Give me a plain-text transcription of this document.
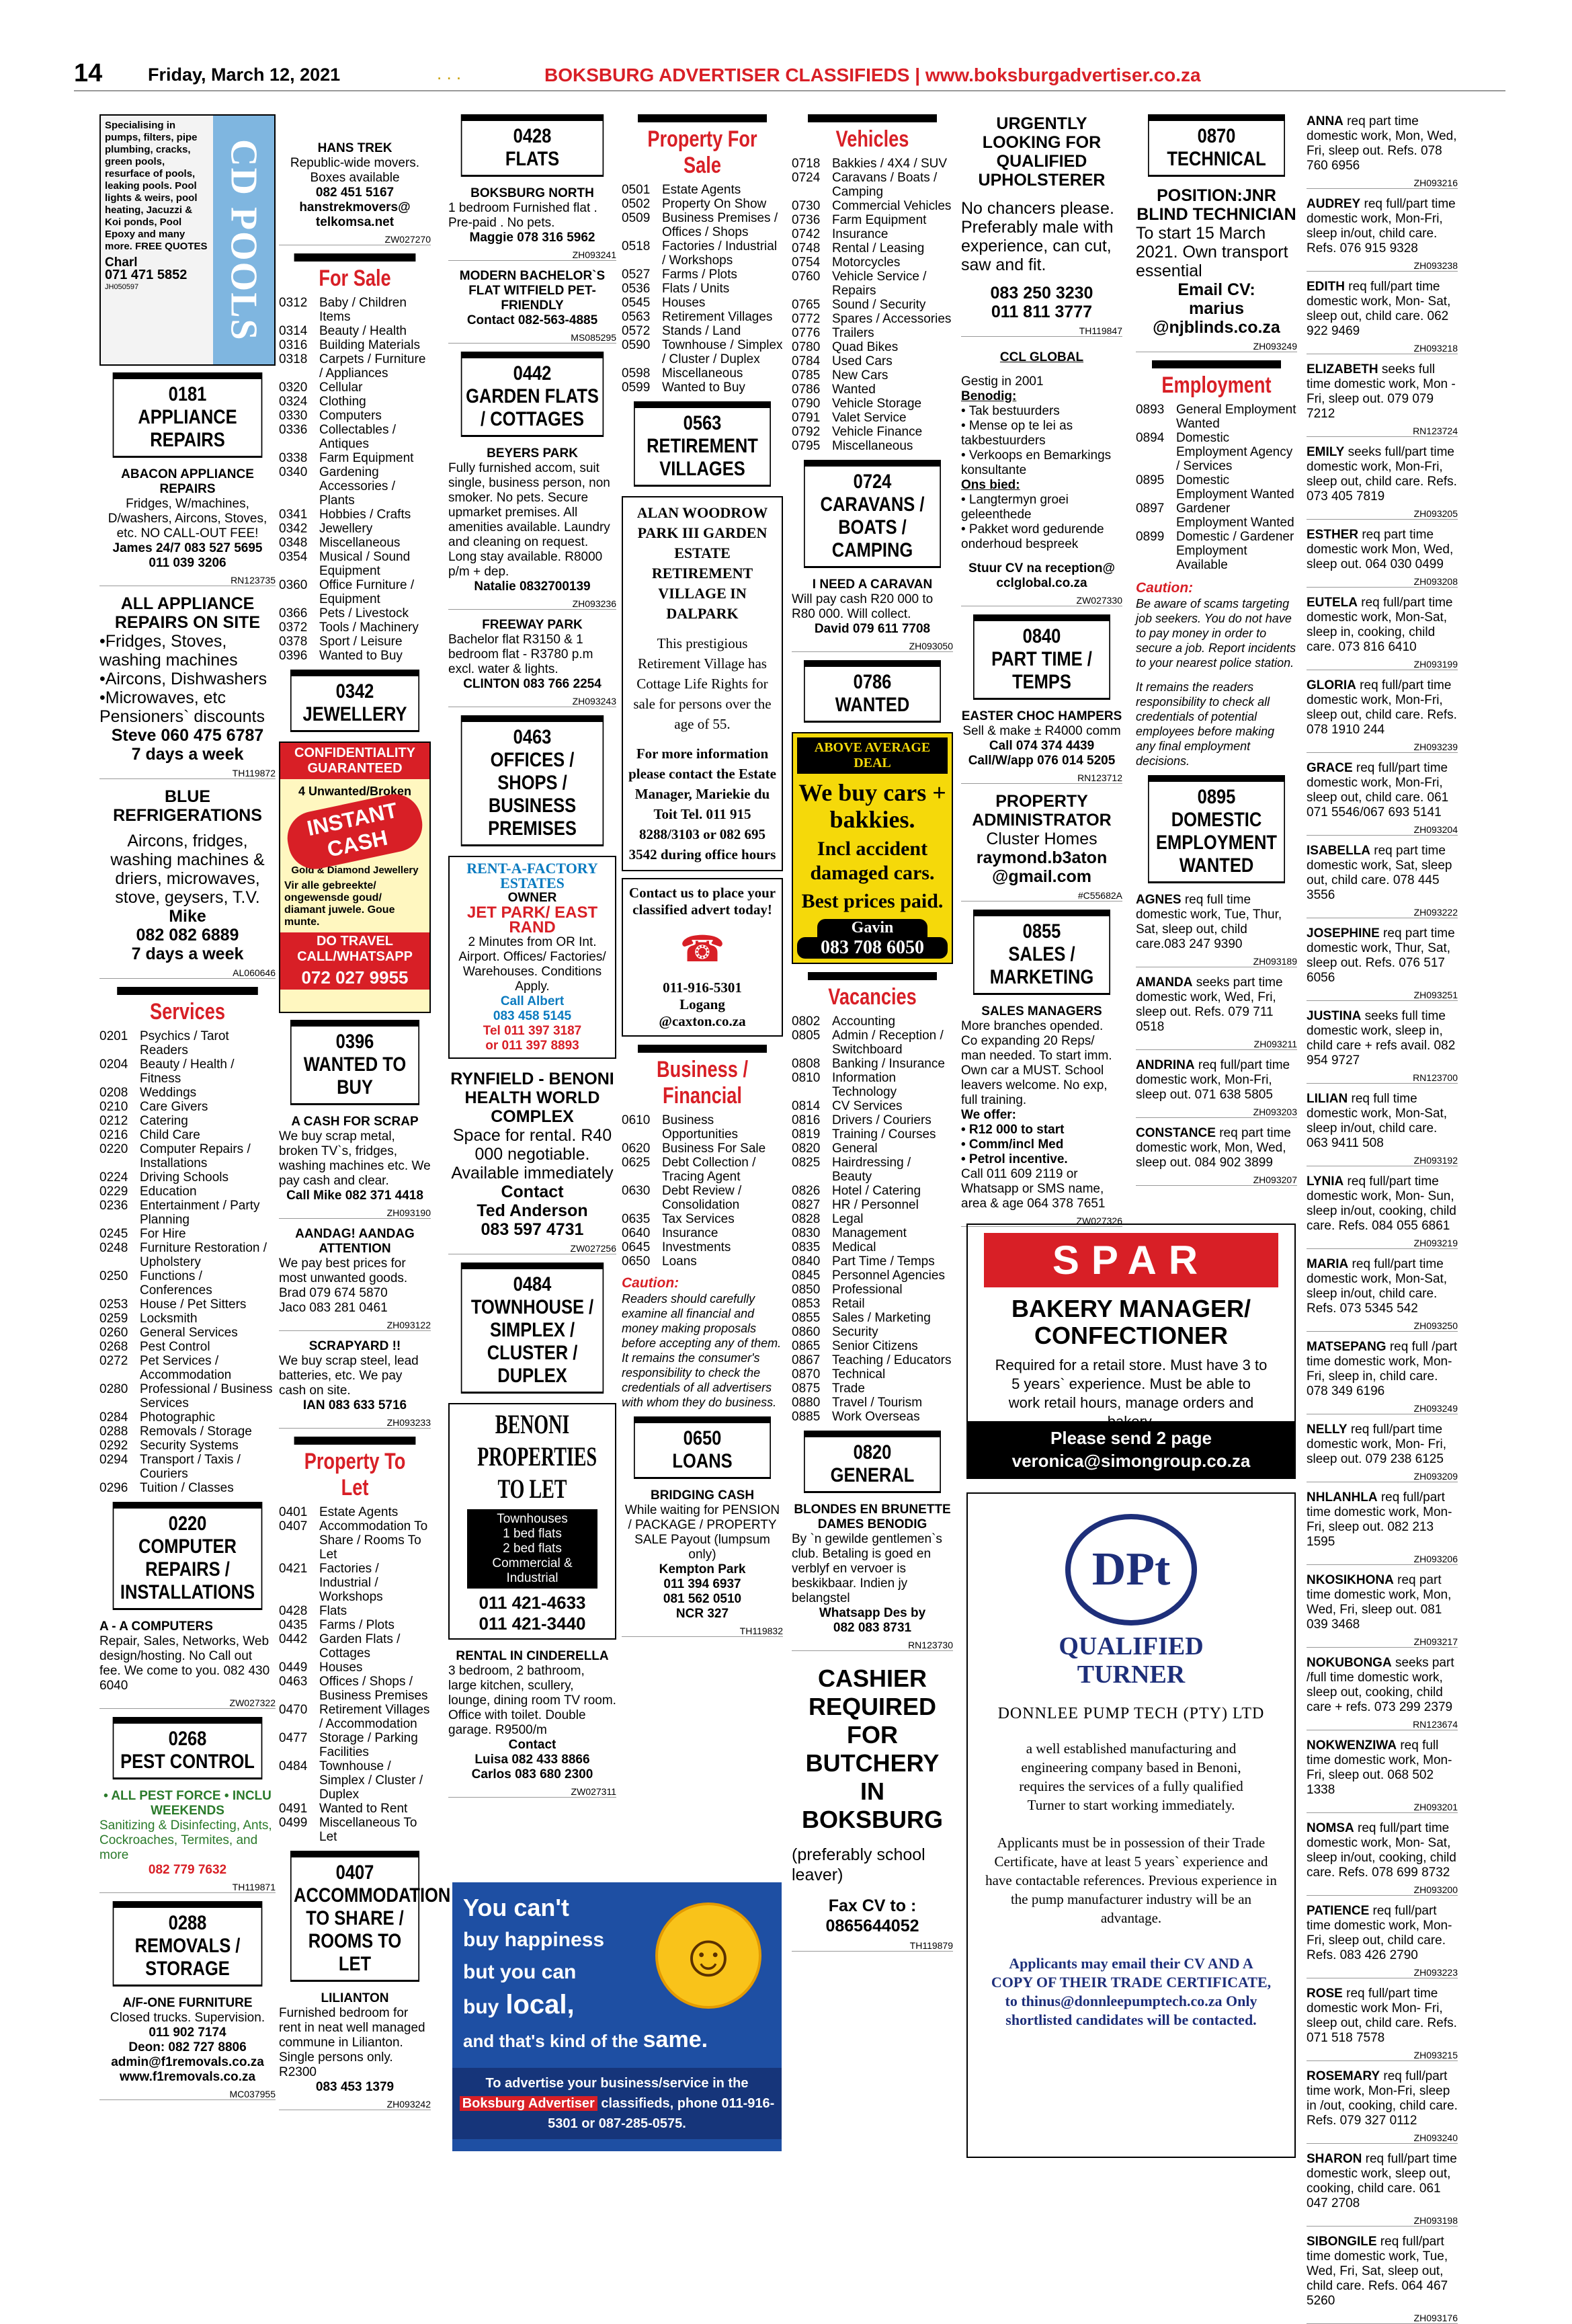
14	Friday, March 12, 2021	. . .	BOKSBURG ADVERTISER CLASSIFIEDS | www.boksburgadvertiser.co.za
Specialising in pumps, filters, pipe plumbing, cracks, green pools, resurface of pools, leaking pools. Pool lights & weirs, pool heating, Jacuzzi & Koi ponds, Pool Epoxy and many more. FREE QUOTES
Charl
071 471 5852
JH050597	CD POOLS
0181
APPLIANCE REPAIRS
ABACON APPLIANCE REPAIRS
Fridges, W/machines, D/washers, Aircons, Stoves, etc. NO CALL-OUT FEE!
James 24/7 083 527 5695
011 039 3206
RN123735
ALL APPLIANCE REPAIRS ON SITE
•Fridges, Stoves, washing machines •Aircons, Dishwashers •Microwaves, etc Pensioners` discounts
Steve 060 475 6787
7 days a week
TH119872
BLUE REFRIGERATIONS
Aircons, fridges, washing machines & driers, microwaves, stove, geysers, T.V.
Mike
082 082 6889
7 days a week
AL060646
Services
0201 Psychics / Tarot Readers
0204 Beauty / Health / Fitness
0208 Weddings
0210 Care Givers
0212 Catering
0216 Child Care
0220 Computer Repairs / Installations
0224 Driving Schools
0229 Education
0236 Entertainment / Party Planning
0245 For Hire
0248 Furniture Restoration / Upholstery
0250 Functions / Conferences
0253 House / Pet Sitters
0259 Locksmith
0260 General Services
0268 Pest Control
0272 Pet Services / Accommodation
0280 Professional / Business Services
0284 Photographic
0288 Removals / Storage
0292 Security Systems
0294 Transport / Taxis / Couriers
0296 Tuition / Classes
0220
COMPUTER REPAIRS / INSTALLATIONS
A - A COMPUTERS
Repair, Sales, Networks, Web design/hosting. No Call out fee. We come to you. 082 430 6040
ZW027322
0268
PEST CONTROL
• ALL PEST FORCE • INCLU WEEKENDS
Sanitizing & Disinfecting, Ants, Cockroaches, Termites, and more
082 779 7632
TH119871
0288
REMOVALS / STORAGE
A/F-ONE FURNITURE
Closed trucks. Supervision.
011 902 7174
Deon: 082 727 8806
admin@f1removals.co.za
www.f1removals.co.za
MC037955
HANS TREK
Republic-wide movers. Boxes available
082 451 5167
hanstrekmovers@ telkomsa.net
ZW027270
For Sale
0312 Baby / Children Items
0314 Beauty / Health
0316 Building Materials
0318 Carpets / Furniture / Appliances
0320 Cellular
0324 Clothing
0330 Computers
0336 Collectables / Antiques
0338 Farm Equipment
0340 Gardening Accessories / Plants
0341 Hobbies / Crafts
0342 Jewellery
0348 Miscellaneous
0354 Musical / Sound Equipment
0360 Office Furniture / Equipment
0366 Pets / Livestock
0372 Tools / Machinery
0378 Sport / Leisure
0396 Wanted to Buy
0342
JEWELLERY
CONFIDENTIALITY GUARANTEED
4 Unwanted/Broken
INSTANT CASH
Gold & Diamond Jewellery
Vir alle gebreekte/ ongewensde goud/ diamant juwele. Goue munte.
DO TRAVEL CALL/WHATSAPP
072 027 9955
0396
WANTED TO BUY
A CASH FOR SCRAP
We buy scrap metal, broken TV`s, fridges, washing machines etc. We pay cash and clear.
Call Mike 082 371 4418
ZH093190
AANDAG! AANDAG ATTENTION
We pay best prices for most unwanted goods.
Brad 079 674 5870
Jaco 083 281 0461
ZH093122
SCRAPYARD !!
We buy scrap steel, lead batteries, etc. We pay cash on site.
IAN 083 633 5716
ZH093233
Property To Let
0401 Estate Agents
0407 Accommodation To Share / Rooms To Let
0421 Factories / Industrial / Workshops
0428 Flats
0435 Farms / Plots
0442 Garden Flats / Cottages
0449 Houses
0463 Offices / Shops / Business Premises
0470 Retirement Villages / Accommodation
0477 Storage / Parking Facilities
0484 Townhouse / Simplex / Cluster / Duplex
0491 Wanted to Rent
0499 Miscellaneous To Let
0407
ACCOMMODATION TO SHARE / ROOMS TO LET
LILIANTON
Furnished bedroom for rent in neat well managed commune in Lilianton. Single persons only. R2300
083 453 1379
ZH093242
0428
FLATS
BOKSBURG NORTH
1 bedroom Furnished flat . Pre-paid . No pets.
Maggie 078 316 5962
ZH093241
MODERN BACHELOR`S FLAT WITFIELD PET- FRIENDLY
Contact 082-563-4885
MS085295
0442
GARDEN FLATS / COTTAGES
BEYERS PARK
Fully furnished accom, suit single, business person, non smoker. No pets. Secure upmarket premises. All amenities available. Laundry and cleaning on request. Long stay available. R8000 p/m + dep.
Natalie 0832700139
ZH093236
FREEWAY PARK
Bachelor flat R3150 & 1 bedroom flat - R3780 p.m excl. water & lights.
CLINTON 083 766 2254
ZH093243
0463
OFFICES / SHOPS / BUSINESS PREMISES
RENT-A-FACTORY ESTATES
OWNER
JET PARK/ EAST RAND
2 Minutes from OR Int. Airport. Offices/ Factories/ Warehouses. Conditions Apply.
Call Albert
083 458 5145
Tel 011 397 3187
or 011 397 8893
RYNFIELD - BENONI HEALTH WORLD COMPLEX
Space for rental. R40 000 negotiable. Available immediately
Contact
Ted Anderson
083 597 4731
ZW027256
0484
TOWNHOUSE / SIMPLEX / CLUSTER / DUPLEX
BENONI PROPERTIES TO LET
Townhouses
1 bed flats
2 bed flats
Commercial & Industrial
011 421-4633
011 421-3440
RENTAL IN CINDERELLA
3 bedroom, 2 bathroom, large kitchen, scullery, lounge, dining room TV room. Office with toilet. Double garage. R9500/m
Contact
Luisa 082 433 8866
Carlos 083 680 2300
ZW027311
Property For Sale
0501 Estate Agents
0502 Property On Show
0509 Business Premises / Offices / Shops
0518 Factories / Industrial / Workshops
0527 Farms / Plots
0536 Flats / Units
0545 Houses
0563 Retirement Villages
0572 Stands / Land
0590 Townhouse / Simplex / Cluster / Duplex
0598 Miscellaneous
0599 Wanted to Buy
0563
RETIREMENT VILLAGES
ALAN WOODROW PARK III GARDEN ESTATE RETIREMENT VILLAGE IN DALPARK
This prestigious Retirement Village has Cottage Life Rights for sale for persons over the age of 55.
For more information please contact the Estate Manager, Mariekie du Toit Tel. 011 915 8288/3103 or 082 695 3542 during office hours
Contact us to place your classified advert today!
☎
011-916-5301
Logang
@caxton.co.za
Business / Financial
0610 Business Opportunities
0620 Business For Sale
0625 Debt Collection / Tracing Agent
0630 Debt Review / Consolidation
0635 Tax Services
0640 Insurance
0645 Investments
0650 Loans
Caution:
Readers should carefully examine all financial and money making proposals before accepting any of them. It remains the consumer's responsibility to check the credentials of all advertisers with whom they do business.
0650
LOANS
BRIDGING CASH
While waiting for PENSION / PACKAGE / PROPERTY SALE Payout (lumpsum only)
Kempton Park
011 394 6937
081 562 0510
NCR 327
TH119832
You can't
buy happiness
but you can
buy local,
and that's kind of the same.
☺
To advertise your business/service in the Boksburg Advertiser classifieds, phone 011-916-5301 or 087-285-0575.
Vehicles
0718 Bakkies / 4X4 / SUV
0724 Caravans / Boats / Camping
0730 Commercial Vehicles
0736 Farm Equipment
0742 Insurance
0748 Rental / Leasing
0754 Motorcycles
0760 Vehicle Service / Repairs
0765 Sound / Security
0772 Spares / Accessories
0776 Trailers
0780 Quad Bikes
0784 Used Cars
0785 New Cars
0786 Wanted
0790 Vehicle Storage
0791 Valet Service
0792 Vehicle Finance
0795 Miscellaneous
0724
CARAVANS / BOATS / CAMPING
I NEED A CARAVAN
Will pay cash R20 000 to R80 000. Will collect.
David 079 611 7708
ZH093050
0786
WANTED
ABOVE AVERAGE DEAL
We buy cars + bakkies.
Incl accident damaged cars.
Best prices paid.
Gavin
083 708 6050
Vacancies
0802 Accounting
0805 Admin / Reception / Switchboard
0808 Banking / Insurance
0810 Information Technology
0814 CV Services
0816 Drivers / Couriers
0819 Training / Courses
0820 General
0825 Hairdressing / Beauty
0826 Hotel / Catering
0827 HR / Personnel
0828 Legal
0830 Management
0835 Medical
0840 Part Time / Temps
0845 Personnel Agencies
0850 Professional
0853 Retail
0855 Sales / Marketing
0860 Security
0865 Senior Citizens
0867 Teaching / Educators
0870 Technical
0875 Trade
0880 Travel / Tourism
0885 Work Overseas
0820
GENERAL
BLONDES EN BRUNETTE DAMES BENODIG
By `n gewilde gentlemen`s club. Betaling is goed en verblyf en vervoer is beskikbaar. Indien jy belangstel
Whatsapp Des by
082 083 8731
RN123730
CASHIER REQUIRED FOR BUTCHERY IN BOKSBURG
(preferably school leaver)
Fax CV to : 0865644052
TH119879
URGENTLY LOOKING FOR QUALIFIED UPHOLSTERER
No chancers please. Preferably male with experience, can cut, saw and fit.
083 250 3230
011 811 3777
TH119847
CCL GLOBAL
Gestig in 2001
Benodig:
• Tak bestuurders
• Mense op te lei as takbestuurders
• Verkoops en Bemarkings konsultante
Ons bied:
• Langtermyn groei geleenthede
• Pakket word gedurende onderhoud bespreek
Stuur CV na reception@ cclglobal.co.za
ZW027330
0840
PART TIME / TEMPS
EASTER CHOC HAMPERS
Sell & make ± R4000 comm
Call 074 374 4439
Call/W/app 076 014 5205
RN123712
PROPERTY ADMINISTRATOR
Cluster Homes
raymond.b3aton @gmail.com
#C55682A
0855
SALES / MARKETING
SALES MANAGERS
More branches opended. Co expanding 20 Reps/ man needed. To start imm. Own car a MUST. School leavers welcome. No exp, full training.
We offer:
• R12 000 to start
• Comm/incl Med
• Petrol incentive.
Call 011 609 2119 or Whatsapp or SMS name, area & age 064 378 7651
ZW027326
0870
TECHNICAL
POSITION:JNR BLIND TECHNICIAN
To start 15 March 2021. Own transport essential
Email CV:
marius
@njblinds.co.za
ZH093249
Employment
0893 General Employment Wanted
0894 Domestic Employment Agency / Services
0895 Domestic Employment Wanted
0897 Gardener Employment Wanted
0899 Domestic / Gardener Employment Available
Caution:
Be aware of scams targeting job seekers. You do not have to pay money in order to secure a job. Report incidents to your nearest police station.
It remains the readers responsibility to check all credentials of potential employees before making any final employment decisions.
0895
DOMESTIC EMPLOYMENT WANTED
AGNES req full time domestic work, Tue, Thur, Sat, sleep out, child care.083 247 9390
ZH093189
AMANDA seeks part time domestic work, Wed, Fri, sleep out. Refs. 079 711 0518
ZH093211
ANDRINA req full/part time domestic work, Mon-Fri, sleep out. 071 638 5805
ZH093203
CONSTANCE req part time domestic work, Mon, Wed, sleep out. 084 902 3899
ZH093207
SPAR
BAKERY MANAGER/ CONFECTIONER
Required for a retail store. Must have 3 to 5 years` experience. Must be able to work retail hours, manage orders and
Please send 2 page
veronica@simongroup.co.za
DPt
QUALIFIED TURNER
DONNLEE PUMP TECH (PTY) LTD
a well established manufacturing and engineering company based in Benoni, requires the services of a fully qualified Turner to start working immediately.
Applicants must be in possession of their Trade Certificate, have at least 5 years` experience and have contactable references. Previous experience in the pump manufacturer industry will be an advantage.
Applicants may email their CV AND A COPY OF THEIR TRADE CERTIFICATE, to thinus@donnleepumptech.co.za Only shortlisted candidates will be contacted.
ANNA req part time domestic work, Mon, Wed, Fri, sleep out. Refs. 078 760 6956
ZH093216
AUDREY req full/part time domestic work, Mon-Fri, sleep in/out, child care. Refs. 076 915 9328
ZH093238
EDITH req full/part time domestic work, Mon- Sat, sleep out, child care. 062 922 9469
ZH093218
ELIZABETH seeks full time domestic work, Mon - Fri, sleep out. 079 079 7212
RN123724
EMILY seeks full/part time domestic work, Mon-Fri, sleep out, child care. Refs. 073 405 7819
ZH093205
ESTHER req part time domestic work Mon, Wed, sleep out. 064 030 0499
ZH093208
EUTELA req full/part time domestic work, Mon-Sat, sleep in, cooking, child care. 073 816 6410
ZH093199
GLORIA req full/part time domestic work, Mon-Fri, sleep out, child care. Refs. 078 1910 244
ZH093239
GRACE req full/part time domestic work, Mon-Fri, sleep out, child care. 061 071 5546/067 693 5141
ZH093204
ISABELLA req part time domestic work, Sat, sleep out, child care. 078 445 3556
ZH093222
JOSEPHINE req part time domestic work, Thur, Sat, sleep out. Refs. 076 517 6056
ZH093251
JUSTINA seeks full time domestic work, sleep in, child care + refs avail. 082 954 9727
RN123700
LILIAN req full time domestic work, Mon-Sat, sleep in/out, child care. 063 9411 508
ZH093192
LYNIA req full/part time domestic work, Mon- Sun, sleep in/out, cooking, child care. Refs. 084 055 6861
ZH093219
MARIA req full/part time domestic work, Mon-Sat, sleep in/out, child care. Refs. 073 5345 542
ZH093250
MATSEPANG req full /part time domestic work, Mon-Fri, sleep in, child care. 078 349 6196
ZH093249
NELLY req full/part time domestic work, Mon- Fri, sleep out. 079 238 6125
ZH093209
NHLANHLA req full/part time domestic work, Mon-Fri, sleep out. 082 213 1595
ZH093206
NKOSIKHONA req part time domestic work, Mon, Wed, Fri, sleep out. 081 039 3468
ZH093217
NOKUBONGA seeks part /full time domestic work, sleep out, cooking, child care + refs. 073 299 2379
RN123674
NOKWENZIWA req full time domestic work, Mon-Fri, sleep out. 068 502 1338
ZH093201
NOMSA req full/part time domestic work, Mon- Sat, sleep in/out, cooking, child care. Refs. 078 699 8732
ZH093200
PATIENCE req full/part time domestic work, Mon-Fri, sleep out, child care. Refs. 083 426 2790
ZH093223
ROSE req full/part time domestic work Mon- Fri, sleep out, child care. Refs. 071 518 7578
ZH093215
ROSEMARY req full/part time work, Mon-Fri, sleep in /out, cooking, child care. Refs. 079 327 0112
ZH093240
SHARON req full/part time domestic work, sleep out, cooking, child care. 061 047 2708
ZH093198
SIBONGILE req full/part time domestic work, Tue, Wed, Fri, Sat, sleep out, child care. Refs. 064 467 5260
ZH093176
